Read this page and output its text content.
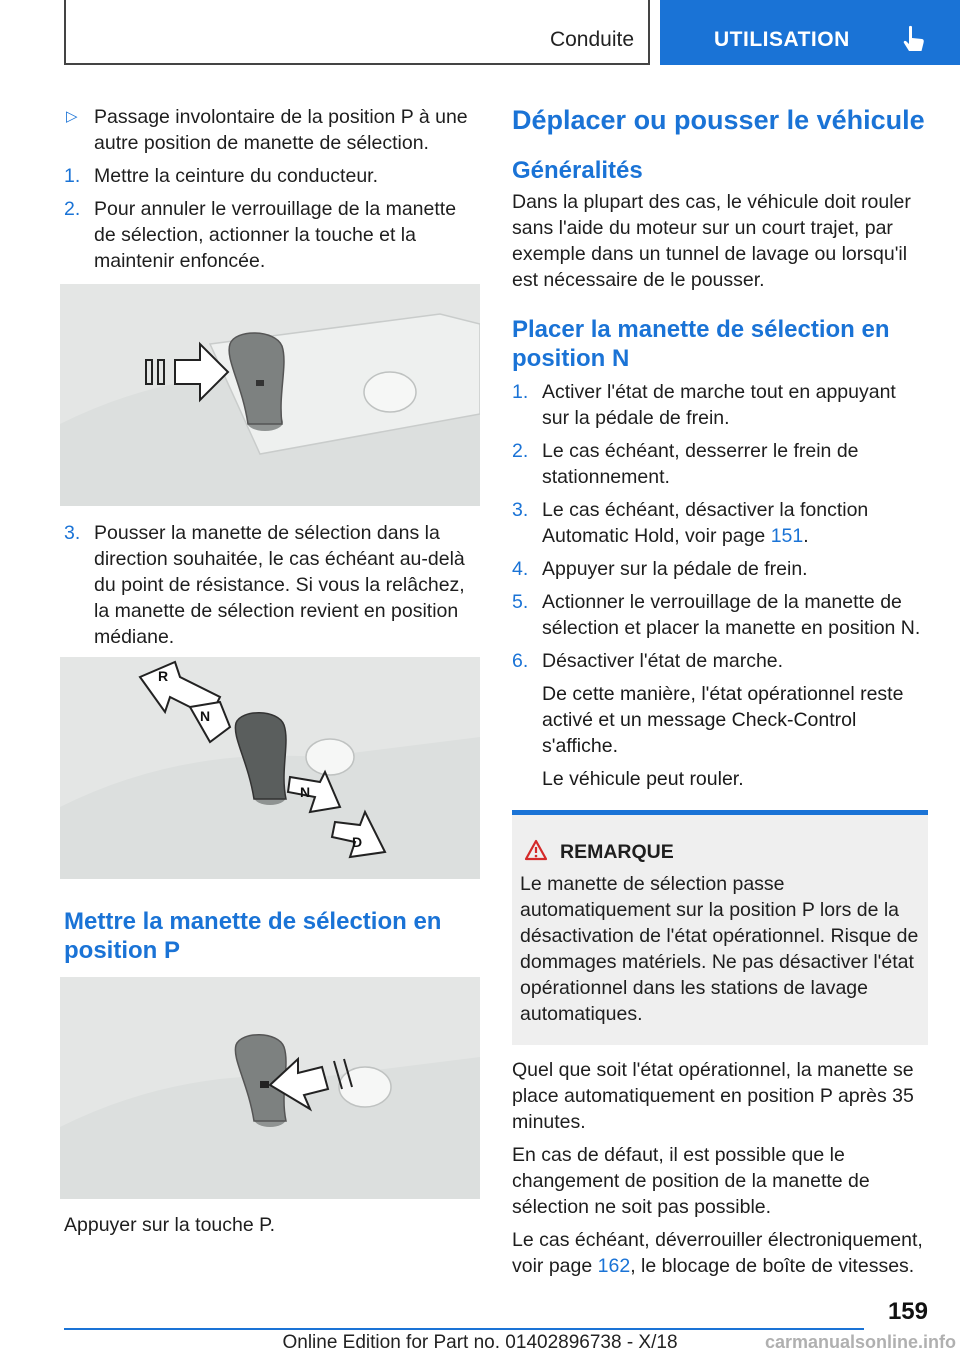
Conduite	UTILISATION
▷ Passage involontaire de la position P à une autre position de manette de sélection.
1. Mettre la ceinture du conducteur.
2. Pour annuler le verrouillage de la manette de sélection, actionner la touche et la maintenir enfoncée.
3. Pousser la manette de sélection dans la direction souhaitée, le cas échéant au-delà du point de résistance. Si vous la relâchez, la manette de sélection revient en position médiane.
R
N
N
D
Mettre la manette de sélection en position P
Appuyer sur la touche P.
Déplacer ou pousser le véhicule
Généralités
Dans la plupart des cas, le véhicule doit rouler sans l'aide du moteur sur un court trajet, par exemple dans un tunnel de lavage ou lorsqu'il est nécessaire de le pousser.
Placer la manette de sélection en position N
1. Activer l'état de marche tout en appuyant sur la pédale de frein.
2. Le cas échéant, desserrer le frein de stationnement.
3. Le cas échéant, désactiver la fonction Automatic Hold, voir page 151.
4. Appuyer sur la pédale de frein.
5. Actionner le verrouillage de la manette de sélection et placer la manette en position N.
6. Désactiver l'état de marche.
De cette manière, l'état opérationnel reste activé et un message Check-Control s'affiche.
Le véhicule peut rouler.
REMARQUE
Le manette de sélection passe automatiquement sur la position P lors de la désactivation de l'état opérationnel. Risque de dommages matériels. Ne pas désactiver l'état opérationnel dans les stations de lavage automatiques.
Quel que soit l'état opérationnel, la manette se place automatiquement en position P après 35 minutes.
En cas de défaut, il est possible que le changement de position de la manette de sélection ne soit pas possible.
Le cas échéant, déverrouiller électroniquement, voir page 162, le blocage de boîte de vitesses.
159
Online Edition for Part no. 01402896738 - X/18	carmanualsonline.info
